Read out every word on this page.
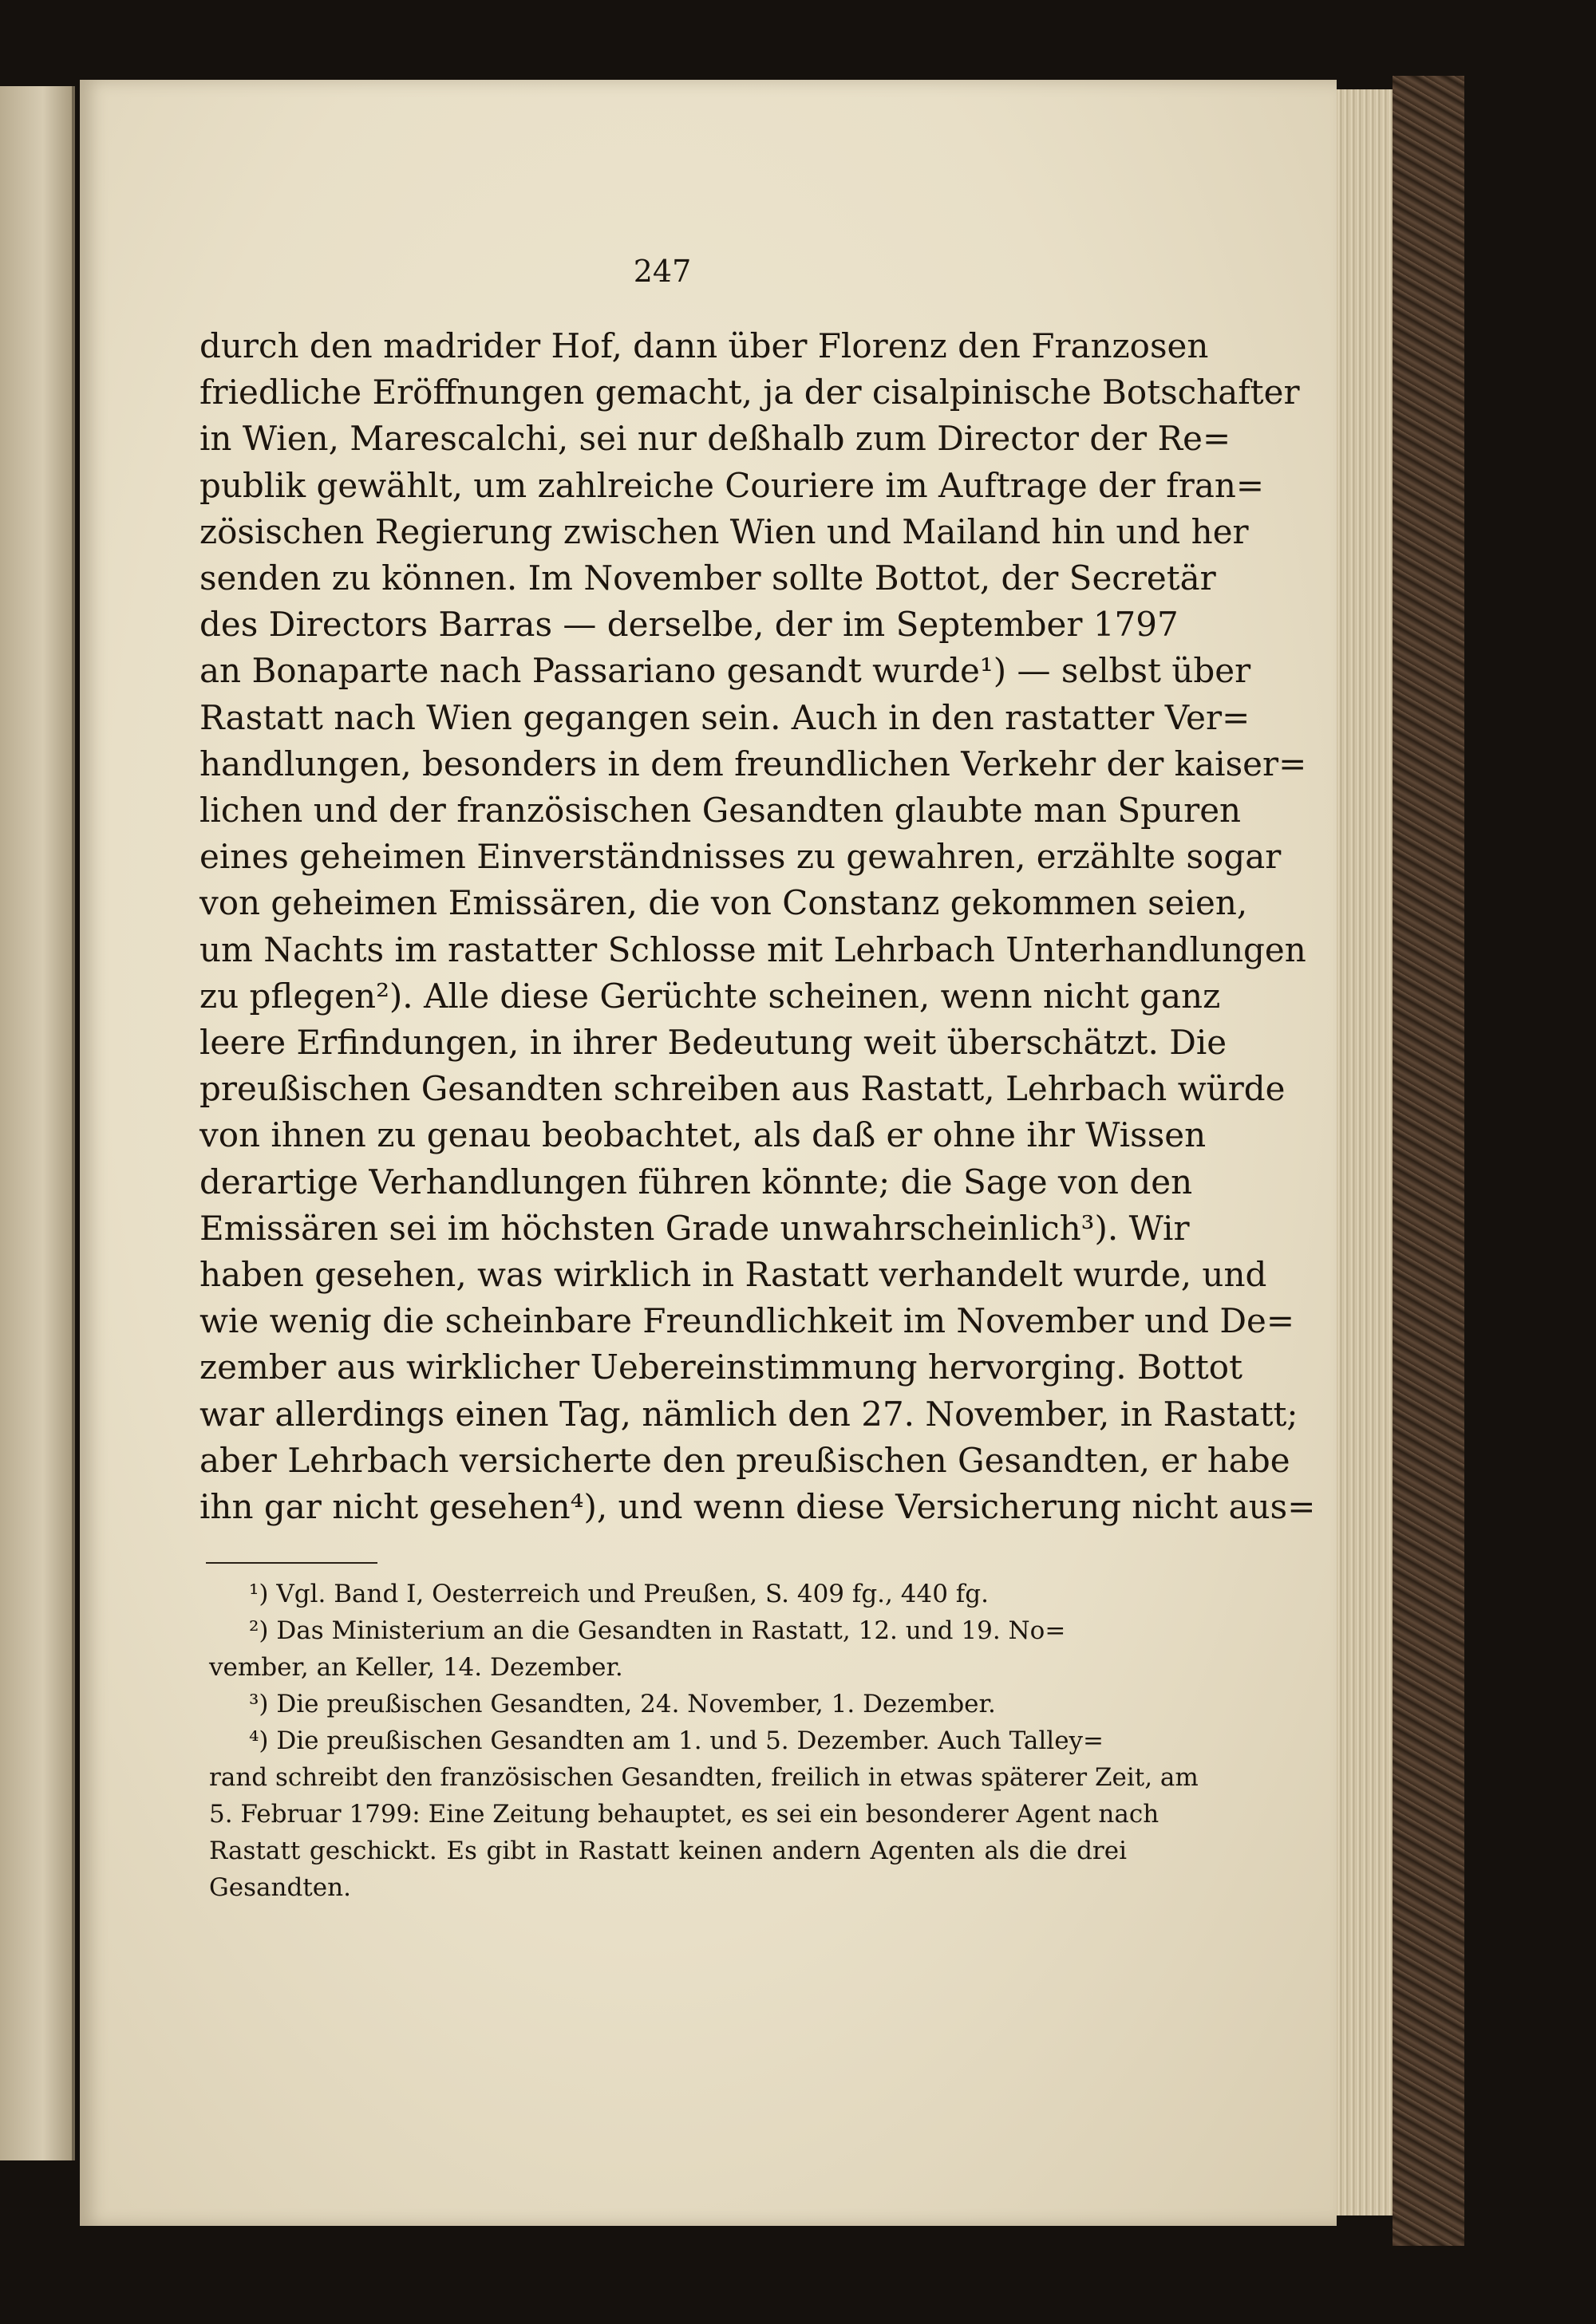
247
durch den madrider Hof, dann über Florenz den Franzosen
friedliche Eröffnungen gemacht, ja der cisalpinische Botschafter
in Wien, Marescalchi, sei nur deßhalb zum Director der Re=
publik gewählt, um zahlreiche Couriere im Auftrage der fran=
zösischen Regierung zwischen Wien und Mailand hin und her
senden zu können. Im November sollte Bottot, der Secretär
des Directors Barras — derselbe, der im September 1797
an Bonaparte nach Passariano gesandt wurde¹) — selbst über
Rastatt nach Wien gegangen sein. Auch in den rastatter Ver=
handlungen, besonders in dem freundlichen Verkehr der kaiser=
lichen und der französischen Gesandten glaubte man Spuren
eines geheimen Einverständnisses zu gewahren, erzählte sogar
von geheimen Emissären, die von Constanz gekommen seien,
um Nachts im rastatter Schlosse mit Lehrbach Unterhandlungen
zu pflegen²). Alle diese Gerüchte scheinen, wenn nicht ganz
leere Erfindungen, in ihrer Bedeutung weit überschätzt. Die
preußischen Gesandten schreiben aus Rastatt, Lehrbach würde
von ihnen zu genau beobachtet, als daß er ohne ihr Wissen
derartige Verhandlungen führen könnte; die Sage von den
Emissären sei im höchsten Grade unwahrscheinlich³). Wir
haben gesehen, was wirklich in Rastatt verhandelt wurde, und
wie wenig die scheinbare Freundlichkeit im November und De=
zember aus wirklicher Uebereinstimmung hervorging. Bottot
war allerdings einen Tag, nämlich den 27. November, in Rastatt;
aber Lehrbach versicherte den preußischen Gesandten, er habe
ihn gar nicht gesehen⁴), und wenn diese Versicherung nicht aus=
¹) Vgl. Band I, Oesterreich und Preußen, S. 409 fg., 440 fg.
²) Das Ministerium an die Gesandten in Rastatt, 12. und 19. No=
vember, an Keller, 14. Dezember.
³) Die preußischen Gesandten, 24. November, 1. Dezember.
⁴) Die preußischen Gesandten am 1. und 5. Dezember. Auch Talley=
rand schreibt den französischen Gesandten, freilich in etwas späterer Zeit, am
5. Februar 1799: Eine Zeitung behauptet, es sei ein besonderer Agent nach
Rastatt geschickt. Es gibt in Rastatt keinen andern Agenten als die drei
Gesandten.
